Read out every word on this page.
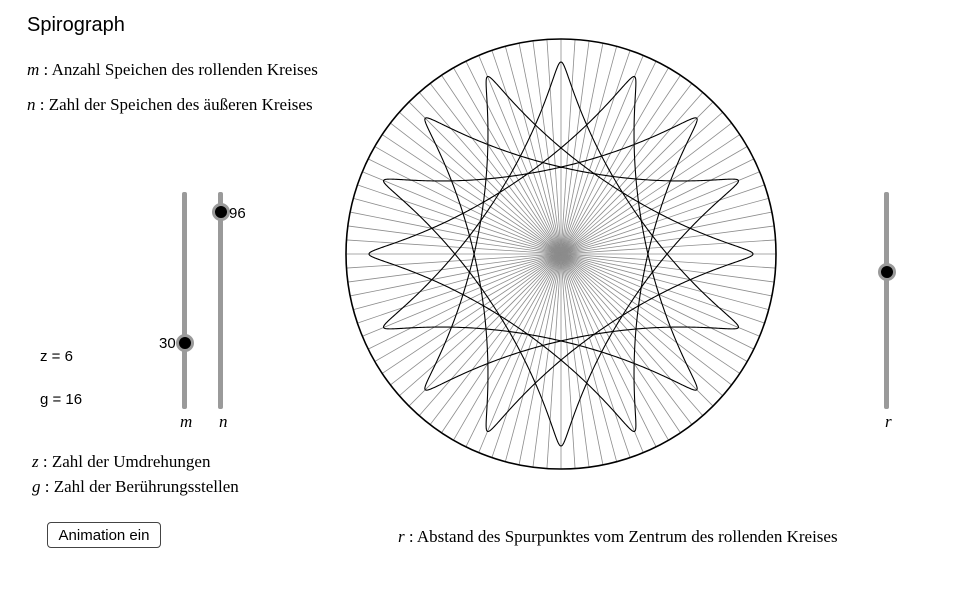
Spirograph
m : Anzahl Speichen des rollenden Kreises
n : Zahl der Speichen des äußeren Kreises
30
m
96
n
z = 6
g = 16
z : Zahl der Umdrehungen
g : Zahl der Berührungsstellen
Animation ein
r
r : Abstand des Spurpunktes vom Zentrum des rollenden Kreises
